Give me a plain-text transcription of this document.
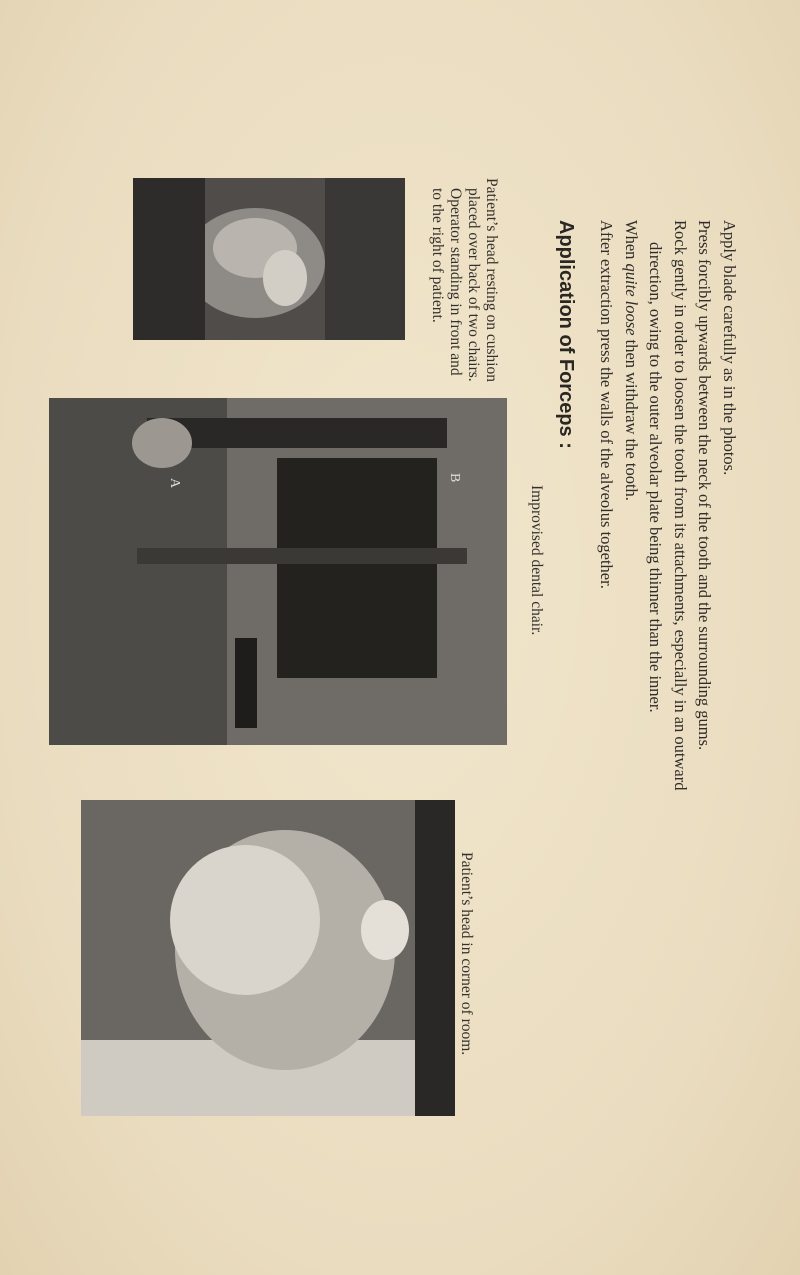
Patient’s head resting on cushion
placed over back of two chairs.
Operator standing in front and
to the right of patient.
A
B
Improvised dental chair.
Patient’s head in corner of room.
Application of Forceps :	Apply blade carefully as in the photos.
Press forcibly upwards between the neck of the tooth and the surrounding gums.
Rock gently in order to loosen the tooth from its attachments, especially in an outward
direction, owing to the outer alveolar plate being thinner than the inner.
When quite loose then withdraw the tooth.
After extraction press the walls of the alveolus together.
